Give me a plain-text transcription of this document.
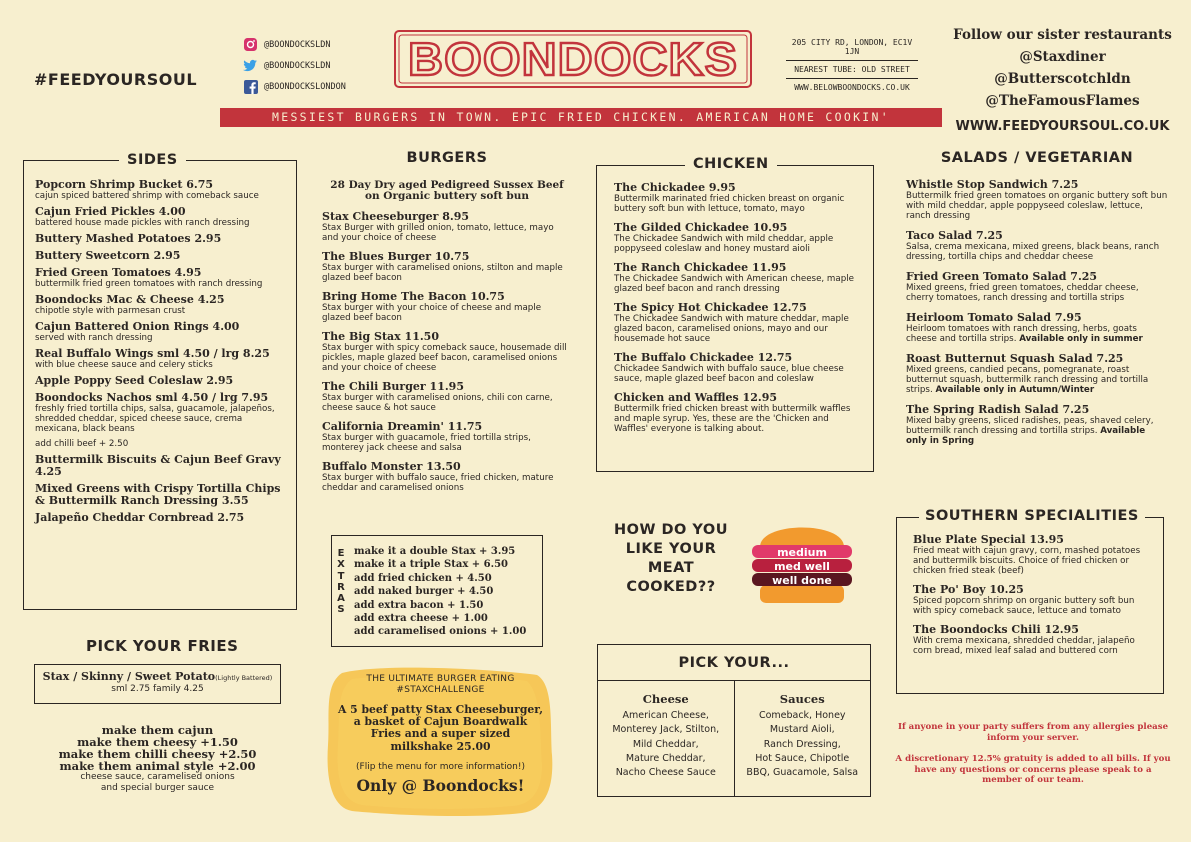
#FEEDYOURSOUL
@BOONDOCKSLDN
@BOONDOCKSLDN
@BOONDOCKSLONDON
BOONDOCKS	205 CITY RD, LONDON, EC1V 1JN
NEAREST TUBE: OLD STREET
WWW.BELOWBOONDOCKS.CO.UK
Follow our sister restaurants
@Staxdiner
@Butterscotchldn
@TheFamousFlames
WWW.FEEDYOURSOUL.CO.UK
MESSIEST BURGERS IN TOWN. EPIC FRIED CHICKEN. AMERICAN HOME COOKIN'
SIDES
Popcorn Shrimp Bucket 6.75
cajun spiced battered shrimp with comeback sauce
Cajun Fried Pickles 4.00
battered house made pickles with ranch dressing
Buttery Mashed Potatoes 2.95
Buttery Sweetcorn 2.95
Fried Green Tomatoes 4.95
buttermilk fried green tomatoes with ranch dressing
Boondocks Mac & Cheese 4.25
chipotle style with parmesan crust
Cajun Battered Onion Rings 4.00
served with ranch dressing
Real Buffalo Wings sml 4.50 / lrg 8.25
with blue cheese sauce and celery sticks
Apple Poppy Seed Coleslaw 2.95
Boondocks Nachos sml 4.50 / lrg 7.95
freshly fried tortilla chips, salsa, guacamole, jalapeños, shredded cheddar, spiced cheese sauce, crema mexicana, black beans
add chilli beef + 2.50
Buttermilk Biscuits & Cajun Beef Gravy 4.25
Mixed Greens with Crispy Tortilla Chips & Buttermilk Ranch Dressing 3.55
Jalapeño Cheddar Cornbread 2.75
BURGERS
28 Day Dry aged Pedigreed Sussex Beef on Organic buttery soft bun
Stax Cheeseburger 8.95
Stax Burger with grilled onion, tomato, lettuce, mayo and your choice of cheese
The Blues Burger 10.75
Stax burger with caramelised onions, stilton and maple glazed beef bacon
Bring Home The Bacon 10.75
Stax burger with your choice of cheese and maple glazed beef bacon
The Big Stax 11.50
Stax burger with spicy comeback sauce, housemade dill pickles, maple glazed beef bacon, caramelised onions and your choice of cheese
The Chili Burger 11.95
Stax burger with caramelised onions, chili con carne, cheese sauce & hot sauce
California Dreamin' 11.75
Stax burger with guacamole, fried tortilla strips, monterey jack cheese and salsa
Buffalo Monster 13.50
Stax burger with buffalo sauce, fried chicken, mature cheddar and caramelised onions
E
X
T
R
A
S
make it a double Stax + 3.95
make it a triple Stax + 6.50
add fried chicken + 4.50
add naked burger + 4.50
add extra bacon + 1.50
add extra cheese + 1.00
add caramelised onions + 1.00
CHICKEN
The Chickadee 9.95
Buttermilk marinated fried chicken breast on organic buttery soft bun with lettuce, tomato, mayo
The Gilded Chickadee 10.95
The Chickadee Sandwich with mild cheddar, apple poppyseed coleslaw and honey mustard aioli
The Ranch Chickadee 11.95
The Chickadee Sandwich with American cheese, maple glazed beef bacon and ranch dressing
The Spicy Hot Chickadee 12.75
The Chickadee Sandwich with mature cheddar, maple glazed bacon, caramelised onions, mayo and our housemade hot sauce
The Buffalo Chickadee 12.75
Chickadee Sandwich with buffalo sauce, blue cheese sauce, maple glazed beef bacon and coleslaw
Chicken and Waffles 12.95
Buttermilk fried chicken breast with buttermilk waffles and maple syrup. Yes, these are the 'Chicken and Waffles' everyone is talking about.
HOW DO YOU
LIKE YOUR
MEAT
COOKED??
medium
med well
well done
PICK YOUR...
Cheese
American Cheese,
Monterey Jack, Stilton,
Mild Cheddar,
Mature Cheddar,
Nacho Cheese Sauce
Sauces
Comeback, Honey
Mustard Aioli,
Ranch Dressing,
Hot Sauce, Chipotle
BBQ, Guacamole, Salsa
SALADS / VEGETARIAN
Whistle Stop Sandwich 7.25
Buttermilk fried green tomatoes on organic buttery soft bun with mild cheddar, apple poppyseed coleslaw, lettuce, ranch dressing
Taco Salad 7.25
Salsa, crema mexicana, mixed greens, black beans, ranch dressing, tortilla chips and cheddar cheese
Fried Green Tomato Salad 7.25
Mixed greens, fried green tomatoes, cheddar cheese, cherry tomatoes, ranch dressing and tortilla strips
Heirloom Tomato Salad 7.95
Heirloom tomatoes with ranch dressing, herbs, goats cheese and tortilla strips. Available only in summer
Roast Butternut Squash Salad 7.25
Mixed greens, candied pecans, pomegranate, roast butternut squash, buttermilk ranch dressing and tortilla strips. Available only in Autumn/Winter
The Spring Radish Salad 7.25
Mixed baby greens, sliced radishes, peas, shaved celery, buttermilk ranch dressing and tortilla strips. Available only in Spring
SOUTHERN SPECIALITIES
Blue Plate Special 13.95
Fried meat with cajun gravy, corn, mashed potatoes and buttermilk biscuits. Choice of fried chicken or chicken fried steak (beef)
The Po' Boy 10.25
Spiced popcorn shrimp on organic buttery soft bun with spicy comeback sauce, lettuce and tomato
The Boondocks Chili 12.95
With crema mexicana, shredded cheddar, jalapeño corn bread, mixed leaf salad and buttered corn

If anyone in your party suffers from any allergies please inform your server.

A discretionary 12.5% gratuity is added to all bills. If you have any questions or concerns please speak to a member of our team.

PICK YOUR FRIES
Stax / Skinny / Sweet Potato(Lightly Battered)
sml 2.75 family 4.25
make them cajun
make them cheesy +1.50
make them chilli cheesy +2.50
make them animal style +2.00
cheese sauce, caramelised onions
and special burger sauce
THE ULTIMATE BURGER EATING
#STAXCHALLENGE
A 5 beef patty Stax Cheeseburger, a basket of Cajun Boardwalk Fries and a super sized milkshake 25.00
(Flip the menu for more information!)
Only @ Boondocks!
